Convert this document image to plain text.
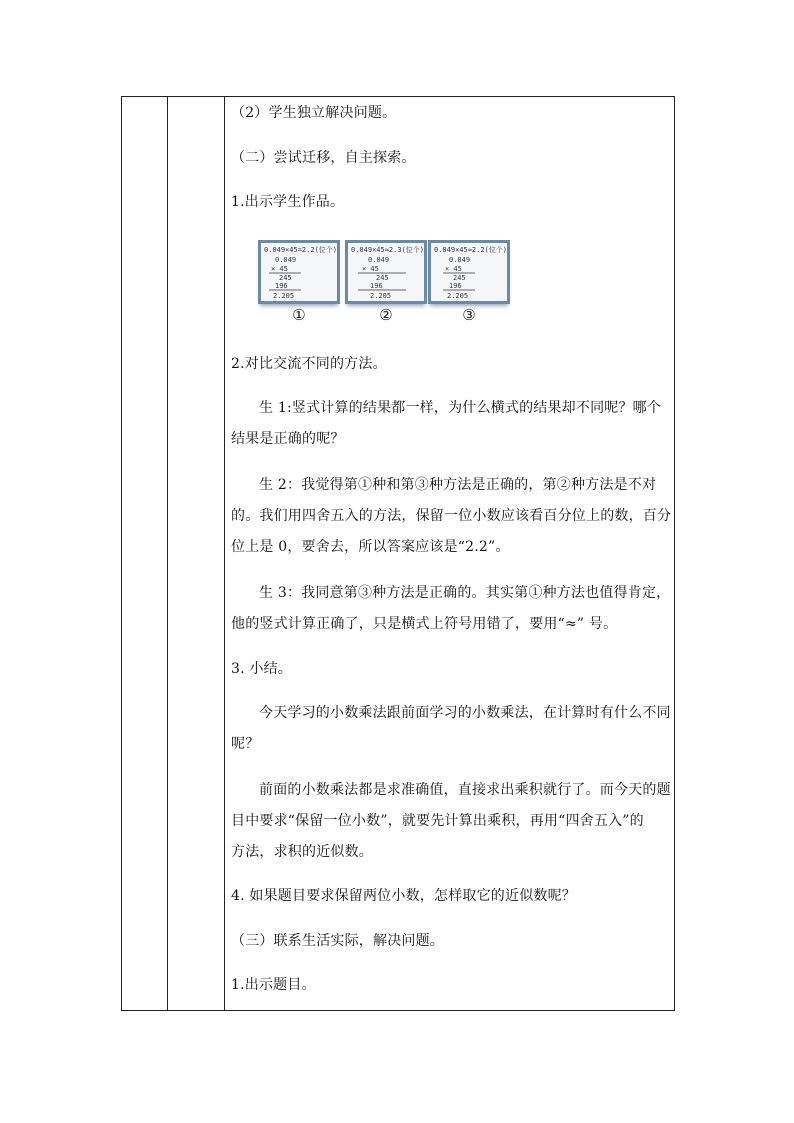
（2）学生独立解决问题。
（二）尝试迁移，自主探索。
1.出示学生作品。
0.049×45=2.2(位个)
0.049
× 45
245
196
2.205
0.049×45≈2.3(位个)
0.049
× 45
245
196
2.205
0.049×45≈2.2(位个)
0.049
× 45
245
196
2.205
①	②	③
2.对比交流不同的方法。
生 1:竖式计算的结果都一样，为什么横式的结果却不同呢？哪个
结果是正确的呢？
生 2：我觉得第①种和第③种方法是正确的，第②种方法是不对
的。我们用四舍五入的方法，保留一位小数应该看百分位上的数，百分
位上是 0，要舍去，所以答案应该是“2.2”。
生 3：我同意第③种方法是正确的。其实第①种方法也值得肯定，
他的竖式计算正确了，只是横式上符号用错了，要用“≈” 号。
3. 小结。
今天学习的小数乘法跟前面学习的小数乘法，在计算时有什么不同
呢？
前面的小数乘法都是求准确值，直接求出乘积就行了。而今天的题
目中要求“保留一位小数”，就要先计算出乘积，再用“四舍五入”的
方法，求积的近似数。
4. 如果题目要求保留两位小数，怎样取它的近似数呢？
（三）联系生活实际，解决问题。
1.出示题目。
